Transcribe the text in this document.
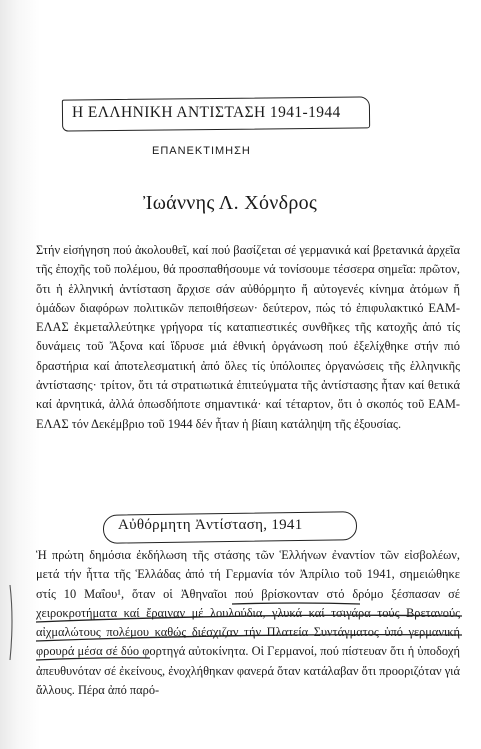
Η ΕΛΛΗΝΙΚΗ ΑΝΤΙΣΤΑΣΗ 1941-1944
ΕΠΑΝΕΚΤΙΜΗΣΗ
Ἰωάννης Λ. Χόνδρος
Στήν εἰσήγηση πού ἀκολουθεῖ, καί πού βασίζεται σέ γερμανικά καί βρετανικά ἀρχεῖα τῆς ἐποχῆς τοῦ πολέμου, θά προσπαθήσουμε νά τονίσουμε τέσσερα σημεῖα: πρῶτον, ὅτι ἡ ἑλληνική ἀντίσταση ἄρχισε σάν αὐθόρμητο ἤ αὐτογενές κίνημα ἀτόμων ἤ ὁμάδων διαφόρων πολιτικῶν πεποιθήσεων· δεύτερον, πώς τό ἐπιφυλακτικό ΕΑΜ-ΕΛΑΣ ἐκμεταλλεύτηκε γρήγορα τίς καταπιεστικές συνθῆκες τῆς κατοχῆς ἀπό τίς δυνάμεις τοῦ Ἄξονα καί ἵδρυσε μιά ἐθνική ὀργάνωση πού ἐξελίχθηκε στήν πιό δραστήρια καί ἀποτελεσματική ἀπό ὅλες τίς ὑπόλοιπες ὀργανώσεις τῆς ἑλληνικῆς ἀντίστασης· τρίτον, ὅτι τά στρατιωτικά ἐπιτεύγματα τῆς ἀντίστασης ἦταν καί θετικά καί ἀρνητικά, ἀλλά ὁπωσδήποτε σημαντικά· καί τέταρτον, ὅτι ὁ σκοπός τοῦ ΕΑΜ-ΕΛΑΣ τόν Δεκέμβριο τοῦ 1944 δέν ἦταν ἡ βίαιη κατάληψη τῆς ἐξουσίας.
Αὐθόρμητη Ἀντίσταση, 1941
Ἡ πρώτη δημόσια ἐκδήλωση τῆς στάσης τῶν Ἑλλήνων ἐναντίον τῶν εἰσβολέων, μετά τήν ἧττα τῆς Ἑλλάδας ἀπό τή Γερμανία τόν Ἀπρίλιο τοῦ 1941, σημειώθηκε στίς 10 Μαΐου¹, ὅταν οἱ Ἀθηναῖοι πού βρίσκονταν στό δρόμο ξέσπασαν σέ χειροκροτήματα καί ἔραιναν μέ λουλούδια, γλυκά καί τσιγάρα τούς Βρετανούς αἰχμαλώτους πολέμου καθώς διέσχιζαν τήν Πλατεία Συντάγματος ὑπό γερμανική φρουρά μέσα σέ δύο φορτηγά αὐτοκίνητα. Οἱ Γερμανοί, πού πίστευαν ὅτι ἡ ὑποδοχή ἀπευθυνόταν σέ ἐκείνους, ἐνοχλήθηκαν φανερά ὅταν κατάλαβαν ὅτι προοριζόταν γιά ἄλλους. Πέρα ἀπό παρό-
